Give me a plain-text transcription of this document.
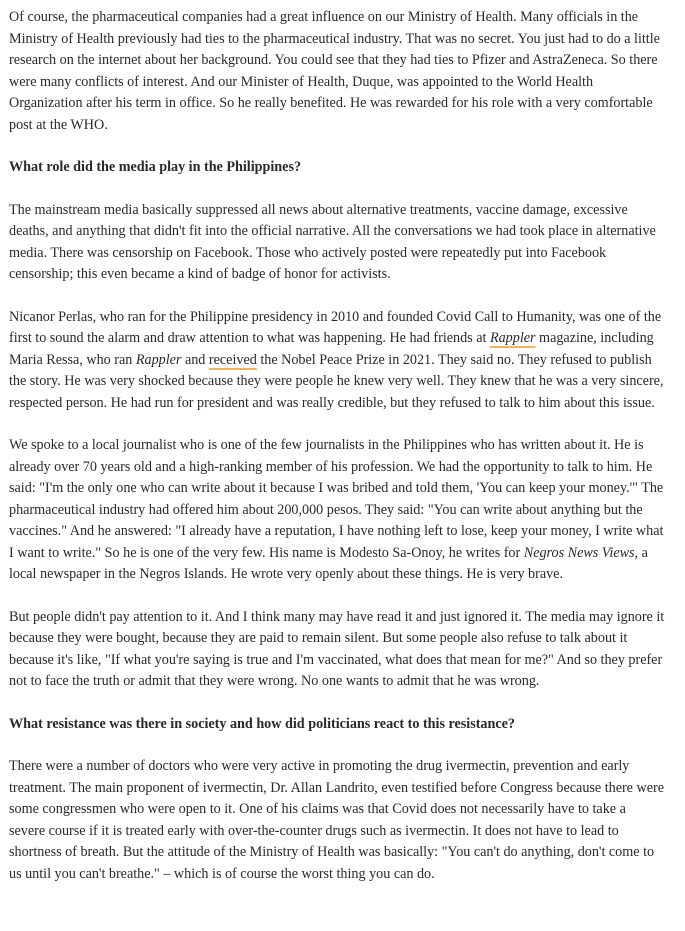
Of course, the pharmaceutical companies had a great influence on our Ministry of Health. Many officials in the Ministry of Health previously had ties to the pharmaceutical industry. That was no secret. You just had to do a little research on the internet about her background. You could see that they had ties to Pfizer and AstraZeneca. So there were many conflicts of interest. And our Minister of Health, Duque, was appointed to the World Health Organization after his term in office. So he really benefited. He was rewarded for his role with a very comfortable post at the WHO.

What role did the media play in the Philippines?

The mainstream media basically suppressed all news about alternative treatments, vaccine damage, excessive deaths, and anything that didn't fit into the official narrative. All the conversations we had took place in alternative media. There was censorship on Facebook. Those who actively posted were repeatedly put into Facebook censorship; this even became a kind of badge of honor for activists.

Nicanor Perlas, who ran for the Philippine presidency in 2010 and founded Covid Call to Humanity, was one of the first to sound the alarm and draw attention to what was happening. He had friends at Rappler magazine, including Maria Ressa, who ran Rappler and received the Nobel Peace Prize in 2021. They said no. They refused to publish the story. He was very shocked because they were people he knew very well. They knew that he was a very sincere, respected person. He had run for president and was really credible, but they refused to talk to him about this issue.

We spoke to a local journalist who is one of the few journalists in the Philippines who has written about it. He is already over 70 years old and a high-ranking member of his profession. We had the opportunity to talk to him. He said: "I'm the only one who can write about it because I was bribed and told them, 'You can keep your money.'" The pharmaceutical industry had offered him about 200,000 pesos. They said: "You can write about anything but the vaccines." And he answered: "I already have a reputation, I have nothing left to lose, keep your money, I write what I want to write." So he is one of the very few. His name is Modesto Sa-Onoy, he writes for Negros News Views, a local newspaper in the Negros Islands. He wrote very openly about these things. He is very brave.

But people didn't pay attention to it. And I think many may have read it and just ignored it. The media may ignore it because they were bought, because they are paid to remain silent. But some people also refuse to talk about it because it's like, "If what you're saying is true and I'm vaccinated, what does that mean for me?" And so they prefer not to face the truth or admit that they were wrong. No one wants to admit that he was wrong.

What resistance was there in society and how did politicians react to this resistance?

There were a number of doctors who were very active in promoting the drug ivermectin, prevention and early treatment. The main proponent of ivermectin, Dr. Allan Landrito, even testified before Congress because there were some congressmen who were open to it. One of his claims was that Covid does not necessarily have to take a severe course if it is treated early with over-the-counter drugs such as ivermectin. It does not have to lead to shortness of breath. But the attitude of the Ministry of Health was basically: "You can't do anything, don't come to us until you can't breathe." – which is of course the worst thing you can do.
